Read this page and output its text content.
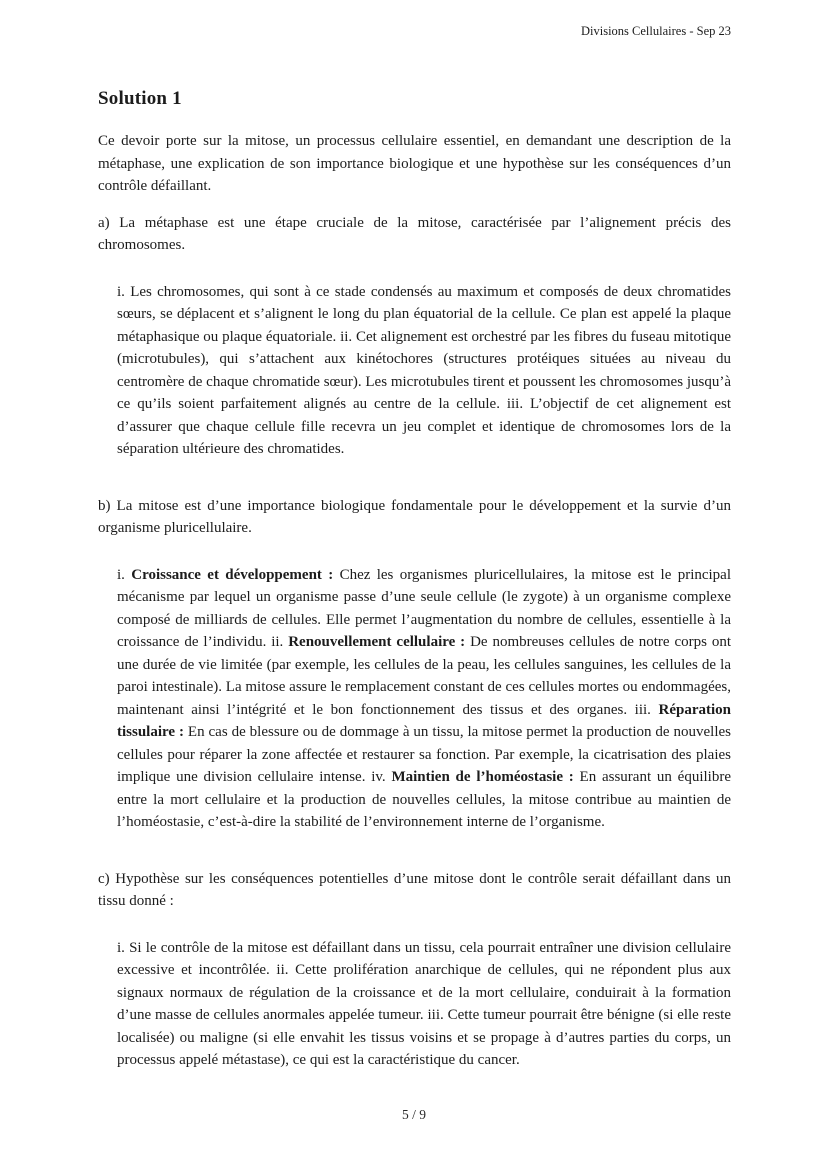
Divisions Cellulaires - Sep 23
Solution 1

Ce devoir porte sur la mitose, un processus cellulaire essentiel, en demandant une description de la métaphase, une explication de son importance biologique et une hypothèse sur les conséquences d’un contrôle défaillant.

a) La métaphase est une étape cruciale de la mitose, caractérisée par l’alignement précis des chromosomes.

i. Les chromosomes, qui sont à ce stade condensés au maximum et composés de deux chromatides sœurs, se déplacent et s’alignent le long du plan équatorial de la cellule. Ce plan est appelé la plaque métaphasique ou plaque équatoriale. ii. Cet alignement est orchestré par les fibres du fuseau mitotique (microtubules), qui s’attachent aux kinétochores (structures protéiques situées au niveau du centromère de chaque chromatide sœur). Les microtubules tirent et poussent les chromosomes jusqu’à ce qu’ils soient parfaitement alignés au centre de la cellule. iii. L’objectif de cet alignement est d’assurer que chaque cellule fille recevra un jeu complet et identique de chromosomes lors de la séparation ultérieure des chromatides.

b) La mitose est d’une importance biologique fondamentale pour le développement et la survie d’un organisme pluricellulaire.

i. Croissance et développement : Chez les organismes pluricellulaires, la mitose est le principal mécanisme par lequel un organisme passe d’une seule cellule (le zygote) à un organisme complexe composé de milliards de cellules. Elle permet l’augmentation du nombre de cellules, essentielle à la croissance de l’individu. ii. Renouvellement cellulaire : De nombreuses cellules de notre corps ont une durée de vie limitée (par exemple, les cellules de la peau, les cellules sanguines, les cellules de la paroi intestinale). La mitose assure le remplacement constant de ces cellules mortes ou endommagées, maintenant ainsi l’intégrité et le bon fonctionnement des tissus et des organes. iii. Réparation tissulaire : En cas de blessure ou de dommage à un tissu, la mitose permet la production de nouvelles cellules pour réparer la zone affectée et restaurer sa fonction. Par exemple, la cicatrisation des plaies implique une division cellulaire intense. iv. Maintien de l’homéostasie : En assurant un équilibre entre la mort cellulaire et la production de nouvelles cellules, la mitose contribue au maintien de l’homéostasie, c’est-à-dire la stabilité de l’environnement interne de l’organisme.

c) Hypothèse sur les conséquences potentielles d’une mitose dont le contrôle serait défaillant dans un tissu donné :

i. Si le contrôle de la mitose est défaillant dans un tissu, cela pourrait entraîner une division cellulaire excessive et incontrôlée. ii. Cette prolifération anarchique de cellules, qui ne répondent plus aux signaux normaux de régulation de la croissance et de la mort cellulaire, conduirait à la formation d’une masse de cellules anormales appelée tumeur. iii. Cette tumeur pourrait être bénigne (si elle reste localisée) ou maligne (si elle envahit les tissus voisins et se propage à d’autres parties du corps, un processus appelé métastase), ce qui est la caractéristique du cancer.

5 / 9
